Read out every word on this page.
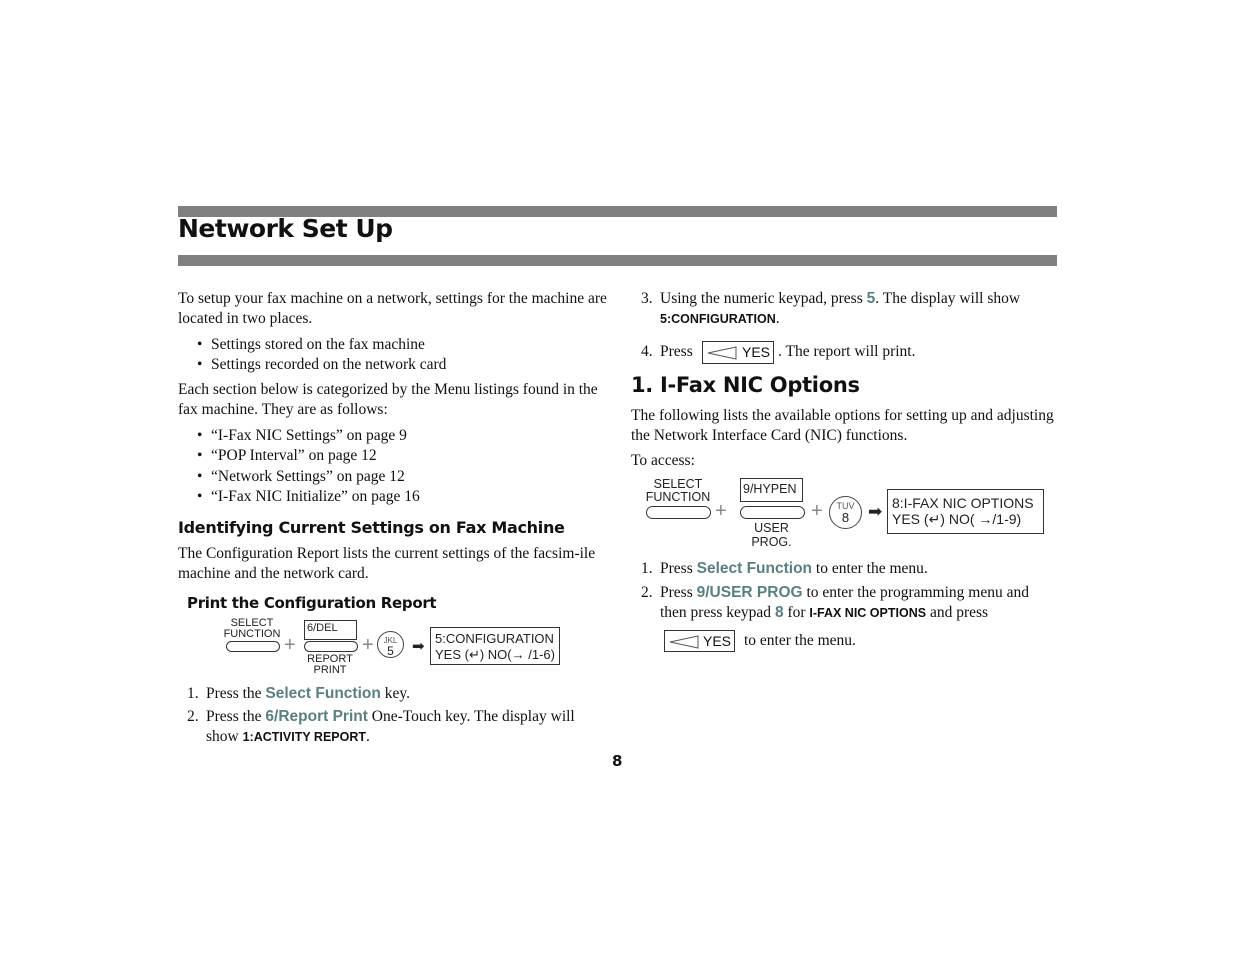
Network Set Up

To setup your fax machine on a network, settings for the machine are located in two places.

• Settings stored on the fax machine
• Settings recorded on the network card

Each section below is categorized by the Menu listings found in the fax machine. They are as follows:

• “I-Fax NIC Settings” on page 9
• “POP Interval” on page 12
• “Network Settings” on page 12
• “I-Fax NIC Initialize” on page 16
Identifying Current Settings on Fax Machine

The Configuration Report lists the current settings of the facsim-ile machine and the network card.

Print the Configuration Report
SELECT
FUNCTION +
6/DEL
REPORT
PRINT
+	JKL
5	➡ 5:CONFIGURATION
YES (↵) NO(→ /1-6)
1. Press the Select Function key.
2. Press the 6/Report Print One-Touch key. The display will show 1:ACTIVITY REPORT.
3. Using the numeric keypad, press 5. The display will show
5:CONFIGURATION.
4. Press	. The report will print.
YES
1. I-Fax NIC Options

The following lists the available options for setting up and adjusting the Network Interface Card (NIC) functions.

To access:

SELECT
FUNCTION
+
9/HYPEN
USER
PROG.
+	TUV
8	➡ 8:I-FAX NIC OPTIONS
YES (↵) NO( →/1-9)
1. Press Select Function to enter the menu.
2. Press 9/USER PROG to enter the programming menu and then press keypad 8 for I-FAX NIC OPTIONS and press
YES to enter the menu.
8
